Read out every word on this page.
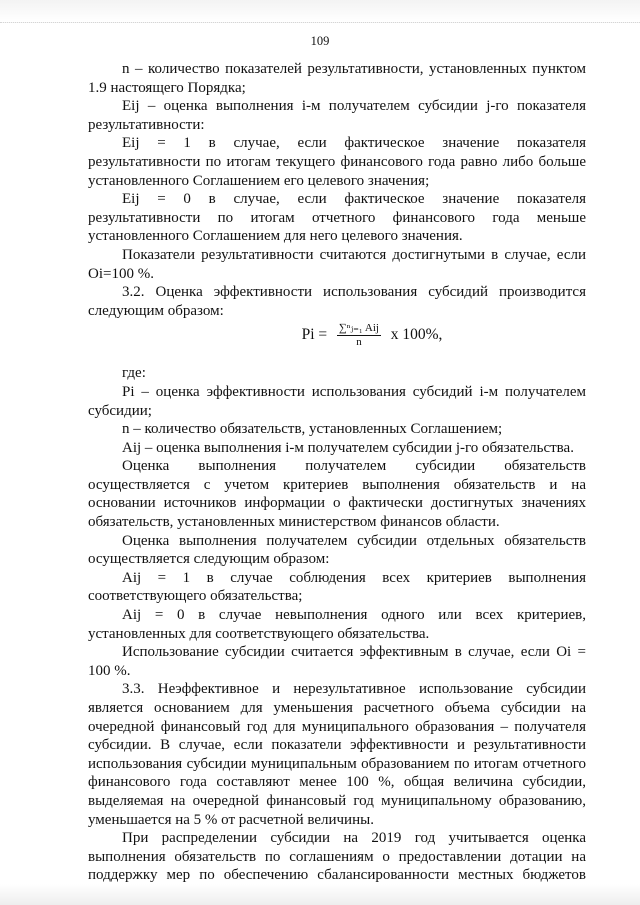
109

n – количество показателей результативности, установленных пунктом 1.9 настоящего Порядка;

Eij – оценка выполнения i-м получателем субсидии j-го показателя результативности:

Eij = 1 в случае, если фактическое значение показателя результативности по итогам текущего финансового года равно либо больше установленного Соглашением его целевого значения;

Eij = 0 в случае, если фактическое значение показателя результативности по итогам отчетного финансового года меньше установленного Соглашением для него целевого значения.

Показатели результативности считаются достигнутыми в случае, если Oi=100 %.

3.2. Оценка эффективности использования субсидий производится следующим образом:

$Pi = \frac{\text{∑ⁿⱼ₌₁ Aij}}{n}$ x 100%,

где:

Pi – оценка эффективности использования субсидий i-м получателем субсидии;

n – количество обязательств, установленных Соглашением;

Aij – оценка выполнения i-м получателем субсидии j-го обязательства.

Оценка выполнения получателем субсидии обязательств осуществляется с учетом критериев выполнения обязательств и на основании источников информации о фактически достигнутых значениях обязательств, установленных министерством финансов области.

Оценка выполнения получателем субсидии отдельных обязательств осуществляется следующим образом:

Aij = 1 в случае соблюдения всех критериев выполнения соответствующего обязательства;

Aij = 0 в случае невыполнения одного или всех критериев, установленных для соответствующего обязательства.

Использование субсидии считается эффективным в случае, если Oi = 100 %.

3.3. Неэффективное и нерезультативное использование субсидии является основанием для уменьшения расчетного объема субсидии на очередной финансовый год для муниципального образования – получателя субсидии. В случае, если показатели эффективности и результативности использования субсидии муниципальным образованием по итогам отчетного финансового года составляют менее 100 %, общая величина субсидии, выделяемая на очередной финансовый год муниципальному образованию, уменьшается на 5 % от расчетной величины.

При распределении субсидии на 2019 год учитывается оценка выполнения обязательств по соглашениям о предоставлении дотации на поддержку мер по обеспечению сбалансированности местных бюджетов
